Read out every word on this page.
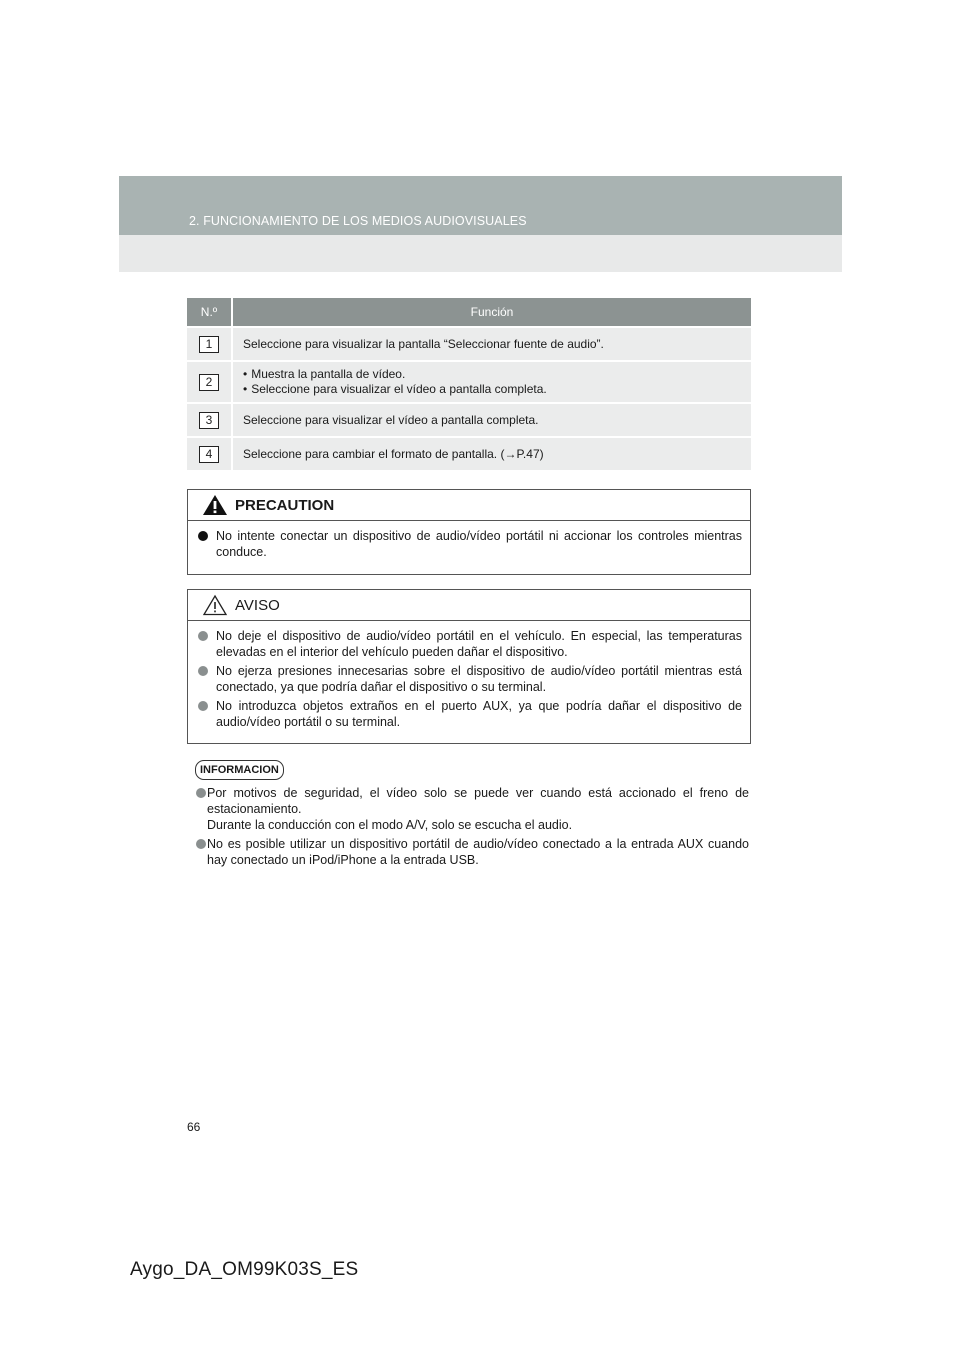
2. FUNCIONAMIENTO DE LOS MEDIOS AUDIOVISUALES
N.º	Función
1	Seleccione para visualizar la pantalla “Seleccionar fuente de audio”.
2	• Muestra la pantalla de vídeo.
• Seleccione para visualizar el vídeo a pantalla completa.

3	Seleccione para visualizar el vídeo a pantalla completa.
4	Seleccione para cambiar el formato de pantalla. (→P.47)
PRECAUTION
No intente conectar un dispositivo de audio/vídeo portátil ni accionar los controles mientras conduce.
AVISO
No deje el dispositivo de audio/vídeo portátil en el vehículo. En especial, las temperaturas elevadas en el interior del vehículo pueden dañar el dispositivo.
No ejerza presiones innecesarias sobre el dispositivo de audio/vídeo portátil mientras está conectado, ya que podría dañar el dispositivo o su terminal.
No introduzca objetos extraños en el puerto AUX, ya que podría dañar el dispositivo de audio/vídeo portátil o su terminal.
INFORMACION
Por motivos de seguridad, el vídeo solo se puede ver cuando está accionado el freno de estacionamiento.
Durante la conducción con el modo A/V, solo se escucha el audio.
No es posible utilizar un dispositivo portátil de audio/vídeo conectado a la entrada AUX cuando hay conectado un iPod/iPhone a la entrada USB.
66
Aygo_DA_OM99K03S_ES
